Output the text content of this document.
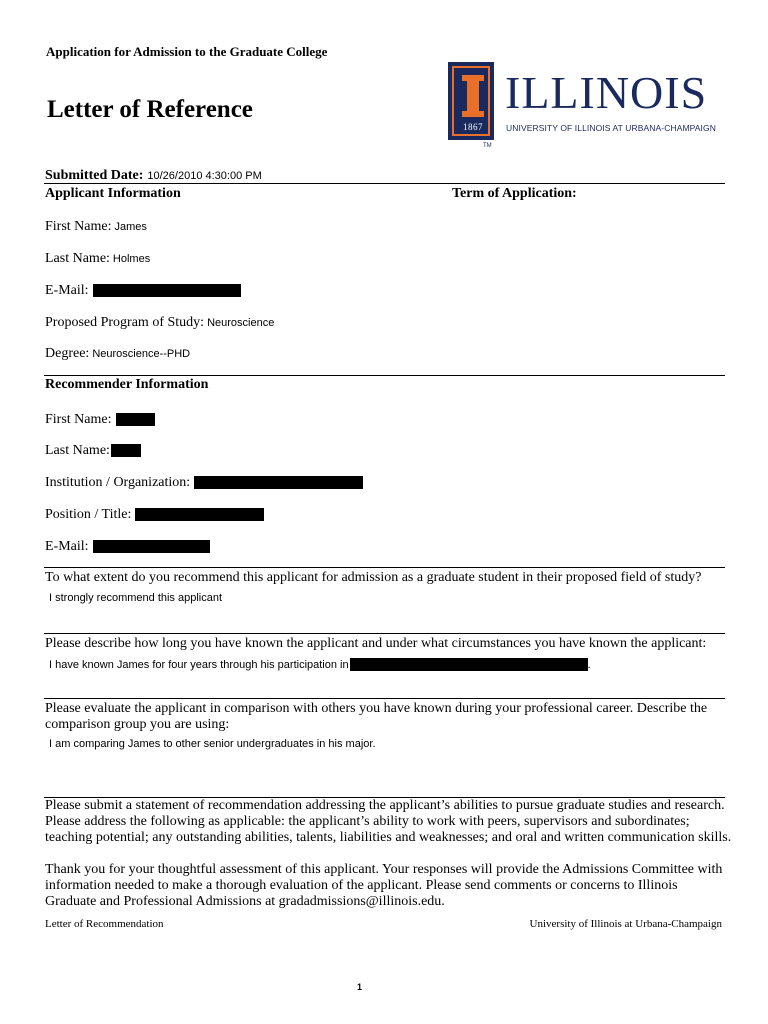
Application for Admission to the Graduate College
Letter of Reference
1867
ILLINOIS
UNIVERSITY OF ILLINOIS AT URBANA-CHAMPAIGN
TM
Submitted Date: 10/26/2010 4:30:00 PM
Applicant Information	Term of Application:
First Name: James
Last Name: Holmes
E-Mail:
Proposed Program of Study: Neuroscience
Degree: Neuroscience--PHD
Recommender Information
First Name:
Last Name:
Institution / Organization:
Position / Title:
E-Mail:
To what extent do you recommend this applicant for admission as a graduate student in their proposed field of study?
I strongly recommend this applicant
Please describe how long you have known the applicant and under what circumstances you have known the applicant:
I have known James for four years through his participation in	.
Please evaluate the applicant in comparison with others you have known during your professional career. Describe the
comparison group you are using:
I am comparing James to other senior undergraduates in his major.
Please submit a statement of recommendation addressing the applicant’s abilities to pursue graduate studies and research.
Please address the following as applicable: the applicant’s ability to work with peers, supervisors and subordinates;
teaching potential; any outstanding abilities, talents, liabilities and weaknesses; and oral and written communication skills.
Thank you for your thoughtful assessment of this applicant. Your responses will provide the Admissions Committee with
information needed to make a thorough evaluation of the applicant. Please send comments or concerns to Illinois
Graduate and Professional Admissions at gradadmissions@illinois.edu.
Letter of Recommendation	University of Illinois at Urbana-Champaign
1
